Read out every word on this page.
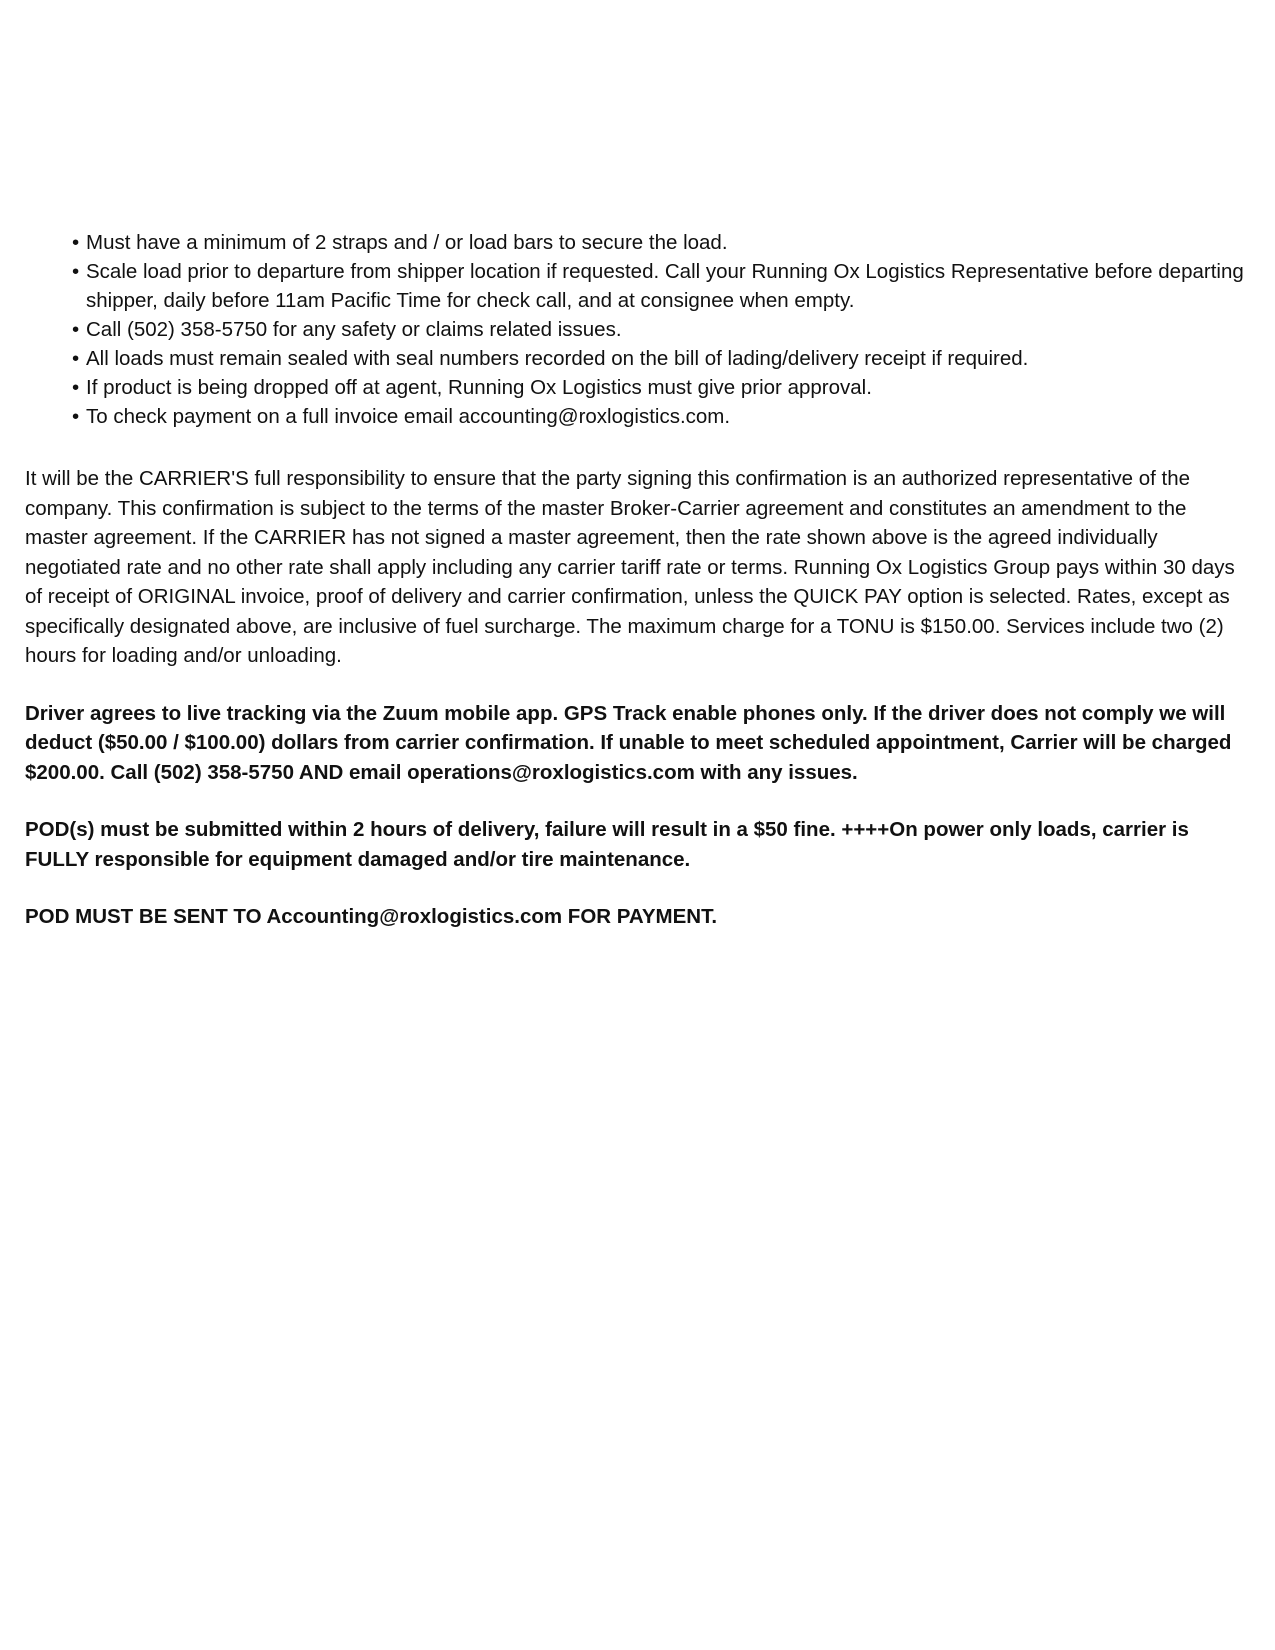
• Must have a minimum of 2 straps and / or load bars to secure the load.
• Scale load prior to departure from shipper location if requested. Call your Running Ox Logistics Representative before departing shipper, daily before 11am Pacific Time for check call, and at consignee when empty.
• Call (502) 358-5750 for any safety or claims related issues.
• All loads must remain sealed with seal numbers recorded on the bill of lading/delivery receipt if required.
• If product is being dropped off at agent, Running Ox Logistics must give prior approval.
• To check payment on a full invoice email accounting@roxlogistics.com.

It will be the CARRIER'S full responsibility to ensure that the party signing this confirmation is an authorized representative of the company. This confirmation is subject to the terms of the master Broker-Carrier agreement and constitutes an amendment to the master agreement. If the CARRIER has not signed a master agreement, then the rate shown above is the agreed individually negotiated rate and no other rate shall apply including any carrier tariff rate or terms. Running Ox Logistics Group pays within 30 days of receipt of ORIGINAL invoice, proof of delivery and carrier confirmation, unless the QUICK PAY option is selected. Rates, except as specifically designated above, are inclusive of fuel surcharge. The maximum charge for a TONU is $150.00. Services include two (2) hours for loading and/or unloading.

Driver agrees to live tracking via the Zuum mobile app. GPS Track enable phones only. If the driver does not comply we will deduct ($50.00 / $100.00) dollars from carrier confirmation. If unable to meet scheduled appointment, Carrier will be charged $200.00. Call (502) 358-5750 AND email operations@roxlogistics.com with any issues.

POD(s) must be submitted within 2 hours of delivery, failure will result in a $50 fine. ++++On power only loads, carrier is FULLY responsible for equipment damaged and/or tire maintenance.

POD MUST BE SENT TO Accounting@roxlogistics.com FOR PAYMENT.
